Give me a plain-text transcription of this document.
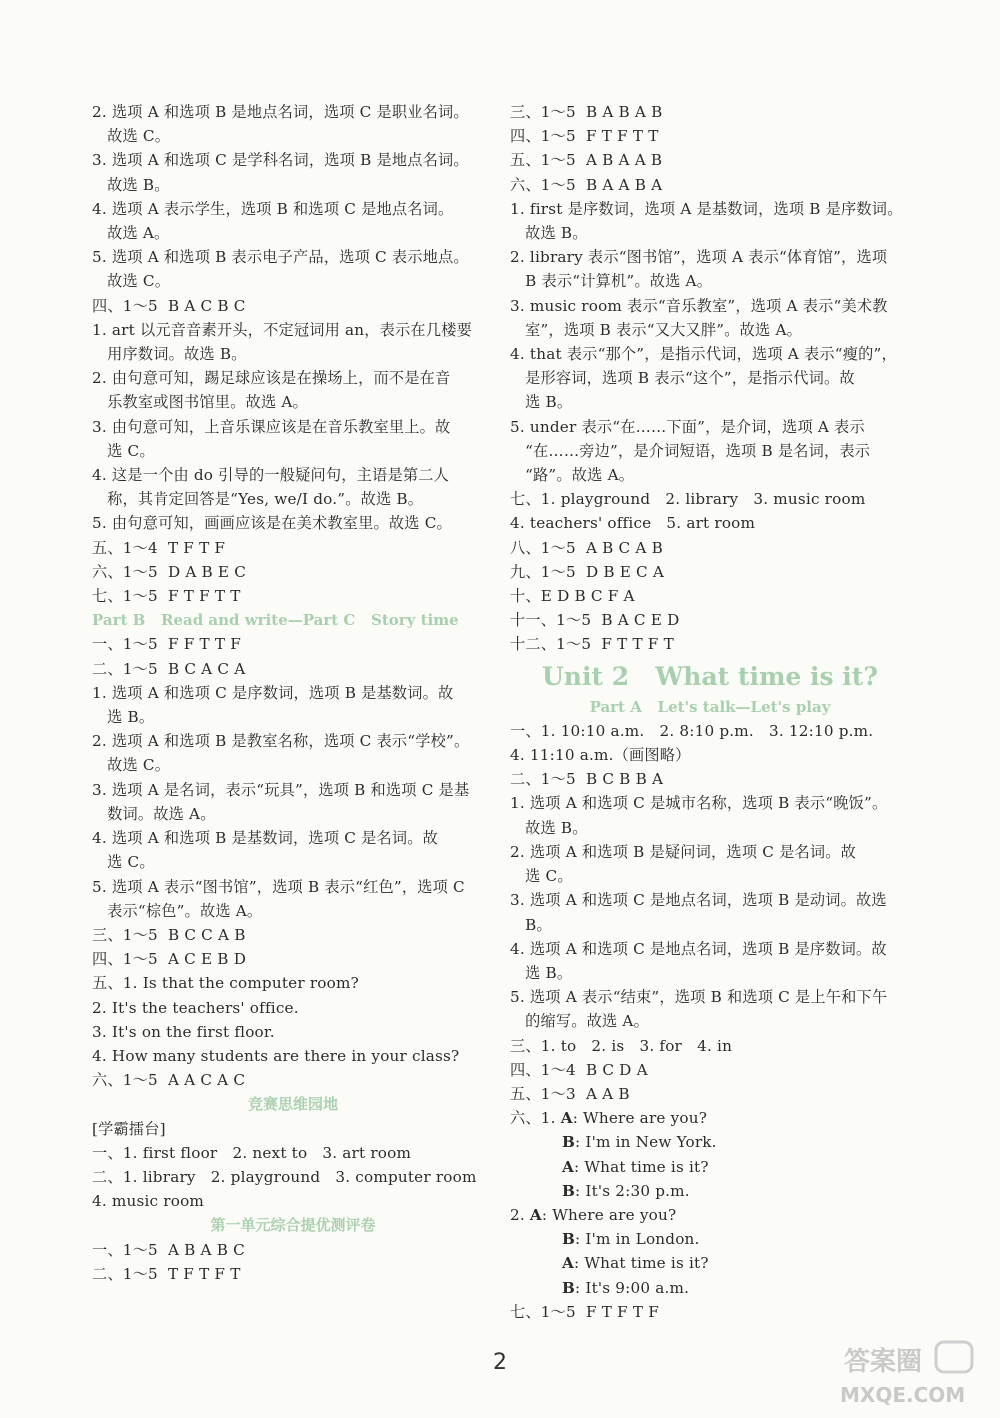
2. 选项 A 和选项 B 是地点名词，选项 C 是职业名词。
故选 C。
3. 选项 A 和选项 C 是学科名词，选项 B 是地点名词。
故选 B。
4. 选项 A 表示学生，选项 B 和选项 C 是地点名词。
故选 A。
5. 选项 A 和选项 B 表示电子产品，选项 C 表示地点。
故选 C。
四、1～5  B A C B C
1. art 以元音音素开头，不定冠词用 an，表示在几楼要
用序数词。故选 B。
2. 由句意可知，踢足球应该是在操场上，而不是在音
乐教室或图书馆里。故选 A。
3. 由句意可知，上音乐课应该是在音乐教室里上。故
选 C。
4. 这是一个由 do 引导的一般疑问句，主语是第二人
称，其肯定回答是“Yes, we/I do.”。故选 B。
5. 由句意可知，画画应该是在美术教室里。故选 C。
五、1～4  T F T F
六、1～5  D A B E C
七、1～5  F T F T T
Part B   Read and write—Part C   Story time
一、1～5  F F T T F
二、1～5  B C A C A
1. 选项 A 和选项 C 是序数词，选项 B 是基数词。故
选 B。
2. 选项 A 和选项 B 是教室名称，选项 C 表示“学校”。
故选 C。
3. 选项 A 是名词，表示“玩具”，选项 B 和选项 C 是基
数词。故选 A。
4. 选项 A 和选项 B 是基数词，选项 C 是名词。故
选 C。
5. 选项 A 表示“图书馆”，选项 B 表示“红色”，选项 C
表示“棕色”。故选 A。
三、1～5  B C C A B
四、1～5  A C E B D
五、1. Is that the computer room?
2. It's the teachers' office.
3. It's on the first floor.
4. How many students are there in your class?
六、1～5  A A C A C
竞赛思维园地
[学霸擂台]
一、1. first floor   2. next to   3. art room
二、1. library   2. playground   3. computer room
4. music room
第一单元综合提优测评卷
一、1～5  A B A B C
二、1～5  T F T F T
三、1～5  B A B A B
四、1～5  F T F T T
五、1～5  A B A A B
六、1～5  B A A B A
1. first 是序数词，选项 A 是基数词，选项 B 是序数词。
故选 B。
2. library 表示“图书馆”，选项 A 表示“体育馆”，选项
B 表示“计算机”。故选 A。
3. music room 表示“音乐教室”，选项 A 表示“美术教
室”，选项 B 表示“又大又胖”。故选 A。
4. that 表示“那个”，是指示代词，选项 A 表示“瘦的”，
是形容词，选项 B 表示“这个”，是指示代词。故
选 B。
5. under 表示“在……下面”，是介词，选项 A 表示
“在……旁边”，是介词短语，选项 B 是名词，表示
“路”。故选 A。
七、1. playground   2. library   3. music room
4. teachers' office   5. art room
八、1～5  A B C A B
九、1～5  D B E C A
十、E D B C F A
十一、1～5  B A C E D
十二、1～5  F T T F T
Unit 2   What time is it?
Part A   Let's talk—Let's play
一、1. 10:10 a.m.   2. 8:10 p.m.   3. 12:10 p.m.
4. 11:10 a.m.（画图略）
二、1～5  B C B B A
1. 选项 A 和选项 C 是城市名称，选项 B 表示“晚饭”。
故选 B。
2. 选项 A 和选项 B 是疑问词，选项 C 是名词。故
选 C。
3. 选项 A 和选项 C 是地点名词，选项 B 是动词。故选
B。
4. 选项 A 和选项 C 是地点名词，选项 B 是序数词。故
选 B。
5. 选项 A 表示“结束”，选项 B 和选项 C 是上午和下午
的缩写。故选 A。
三、1. to   2. is   3. for   4. in
四、1～4  B C D A
五、1～3  A A B
六、1. A: Where are you?
B: I'm in New York.
A: What time is it?
B: It's 2:30 p.m.
2. A: Where are you?
B: I'm in London.
A: What time is it?
B: It's 9:00 a.m.
七、1～5  F T F T F
2	答案圈
MXQE.COM
